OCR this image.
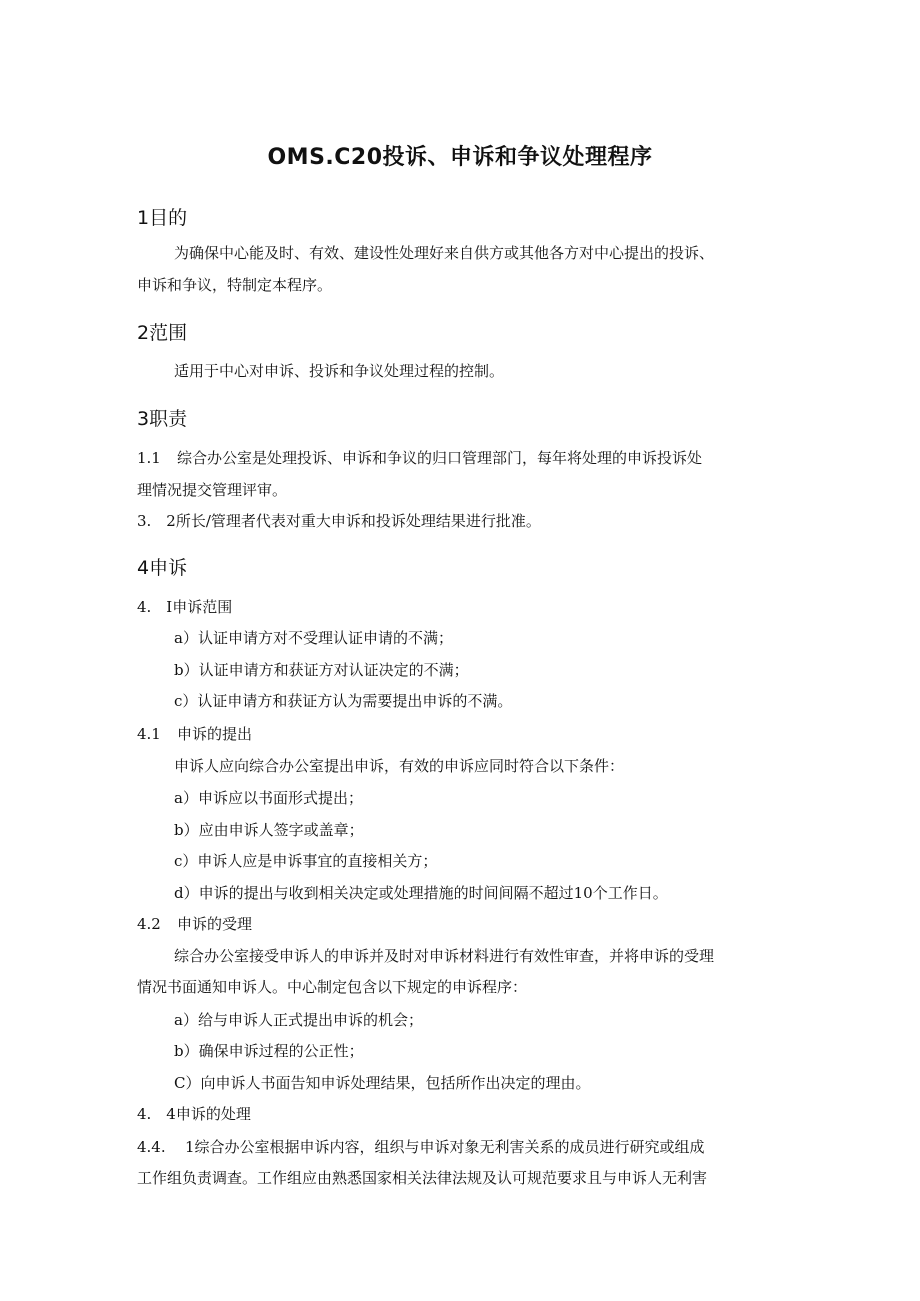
OMS.C20投诉、申诉和争议处理程序
1目的
为确保中心能及时、有效、建设性处理好来自供方或其他各方对中心提出的投诉、
申诉和争议，特制定本程序。
2范围
适用于中心对申诉、投诉和争议处理过程的控制。
3职责
1.1 综合办公室是处理投诉、申诉和争议的归口管理部门，每年将处理的申诉投诉处
理情况提交管理评审。
3.　2所长/管理者代表对重大申诉和投诉处理结果进行批准。
4申诉
4.　I申诉范围
a）认证申请方对不受理认证申请的不满；
b）认证申请方和获证方对认证决定的不满；
c）认证申请方和获证方认为需要提出申诉的不满。
4.1 申诉的提出
申诉人应向综合办公室提出申诉，有效的申诉应同时符合以下条件：
a）申诉应以书面形式提出；
b）应由申诉人签字或盖章；
c）申诉人应是申诉事宜的直接相关方；
d）申诉的提出与收到相关决定或处理措施的时间间隔不超过10个工作日。
4.2 申诉的受理
综合办公室接受申诉人的申诉并及时对申诉材料进行有效性审查，并将申诉的受理
情况书面通知申诉人。中心制定包含以下规定的申诉程序：
a）给与申诉人正式提出申诉的机会；
b）确保申诉过程的公正性；
C）向申诉人书面告知申诉处理结果，包括所作出决定的理由。
4.　4申诉的处理
4.4. 1综合办公室根据申诉内容，组织与申诉对象无利害关系的成员进行研究或组成
工作组负责调查。工作组应由熟悉国家相关法律法规及认可规范要求且与申诉人无利害
